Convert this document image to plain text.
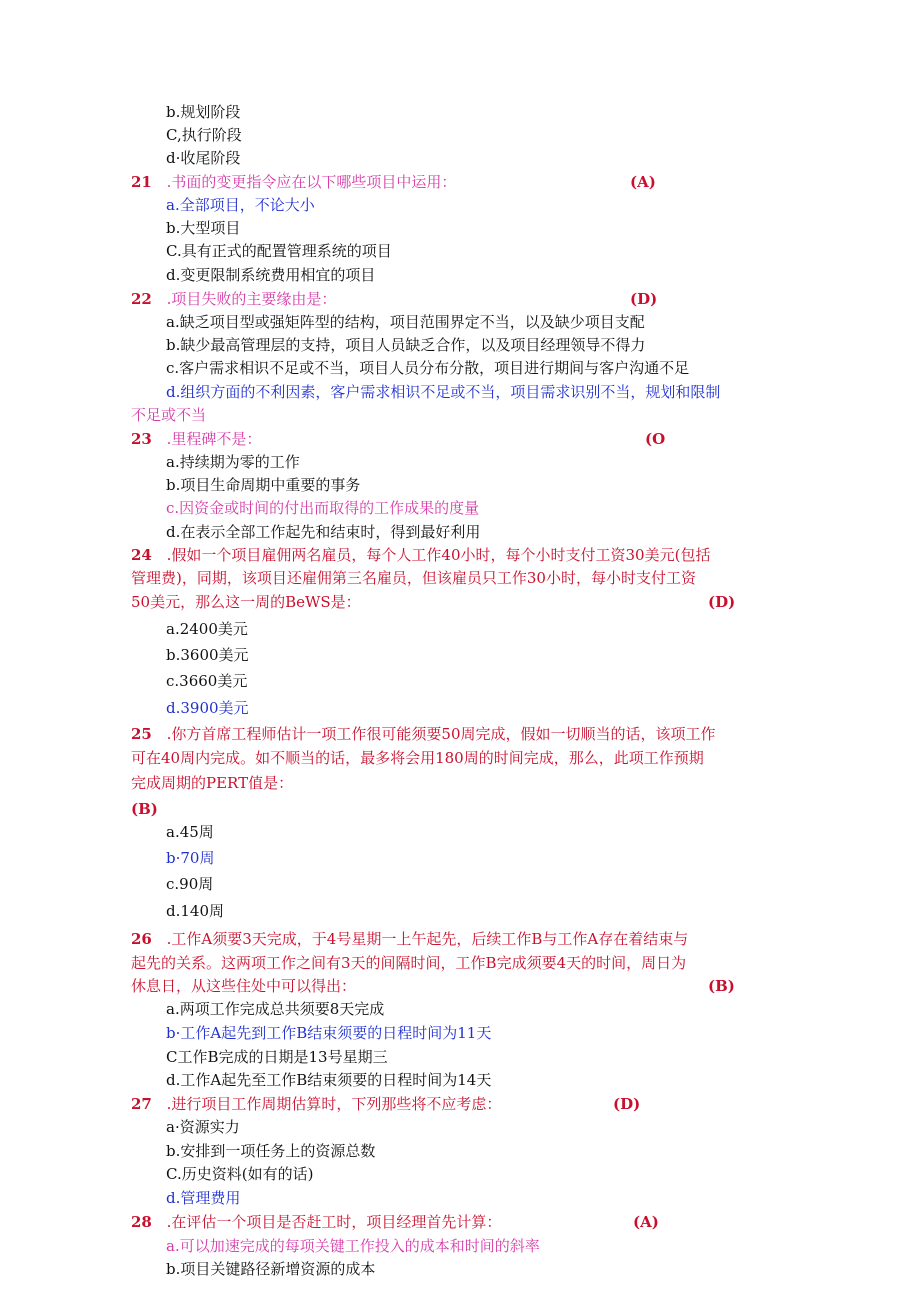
b.规划阶段
C,执行阶段
d·收尾阶段
21 .书面的变更指令应在以下哪些项目中运用：	(A)
a.全部项目，不论大小
b.大型项目
C.具有正式的配置管理系统的项目
d.变更限制系统费用相宜的项目
22 .项目失败的主要缘由是：	(D)
a.缺乏项目型或强矩阵型的结构，项目范围界定不当，以及缺少项目支配
b.缺少最高管理层的支持，项目人员缺乏合作，以及项目经理领导不得力
c.客户需求相识不足或不当，项目人员分布分散，项目进行期间与客户沟通不足
d.组织方面的不利因素，客户需求相识不足或不当，项目需求识别不当，规划和限制
不足或不当
23 .里程碑不是：	(O
a.持续期为零的工作
b.项目生命周期中重要的事务
c.因资金或时间的付出而取得的工作成果的度量
d.在表示全部工作起先和结束时，得到最好利用
24 .假如一个项目雇佣两名雇员，每个人工作40小时，每个小时支付工资30美元(包括
管理费)，同期，该项目还雇佣第三名雇员，但该雇员只工作30小时，每小时支付工资
50美元，那么这一周的BeWS是：	(D)
a.2400美元
b.3600美元
c.3660美元
d.3900美元
25 .你方首席工程师估计一项工作很可能须要50周完成，假如一切顺当的话，该项工作
可在40周内完成。如不顺当的话，最多将会用180周的时间完成，那么，此项工作预期
完成周期的PERT值是：
(B)
a.45周
b·70周
c.90周
d.140周
26 .工作A须要3天完成，于4号星期一上午起先，后续工作B与工作A存在着结束与
起先的关系。这两项工作之间有3天的间隔时间，工作B完成须要4天的时间，周日为
休息日，从这些住处中可以得出：	(B)
a.两项工作完成总共须要8天完成
b·工作A起先到工作B结束须要的日程时间为11天
C工作B完成的日期是13号星期三
d.工作A起先至工作B结束须要的日程时间为14天
27 .进行项目工作周期估算时，下列那些将不应考虑：	(D)
a·资源实力
b.安排到一项任务上的资源总数
C.历史资料(如有的话)
d.管理费用
28 .在评估一个项目是否赶工时，项目经理首先计算：	(A)
a.可以加速完成的每项关键工作投入的成本和时间的斜率
b.项目关键路径新增资源的成本
